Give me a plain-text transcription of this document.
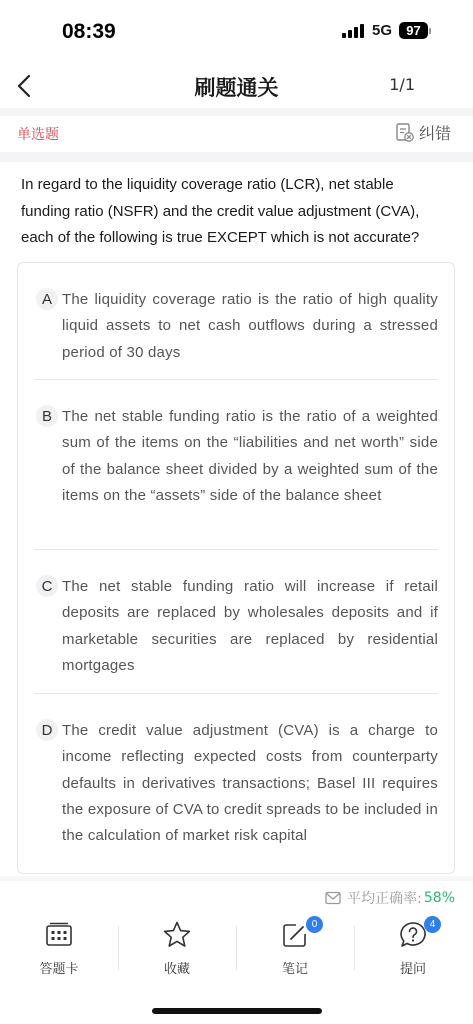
08:39	5G	97
刷题通关	1/1
单选题	纠错
In regard to the liquidity coverage ratio (LCR), net stable funding ratio (NSFR) and the credit value adjustment (CVA), each of the following is true EXCEPT which is not accurate?
A The liquidity coverage ratio is the ratio of high quality liquid assets to net cash outflows during a stressed period of 30 days
B The net stable funding ratio is the ratio of a weighted sum of the items on the “liabilities and net worth” side of the balance sheet divided by a weighted sum of the items on the “assets” side of the balance sheet
C The net stable funding ratio will increase if retail deposits are replaced by wholesales deposits and if marketable securities are replaced by residential mortgages
D The credit value adjustment (CVA) is a charge to income reflecting expected costs from counterparty defaults in derivatives transactions; Basel III requires the exposure of CVA to credit spreads to be included in the calculation of market risk capital
平均正确率: 58%
答题卡	收藏
0
笔记
4
提问
